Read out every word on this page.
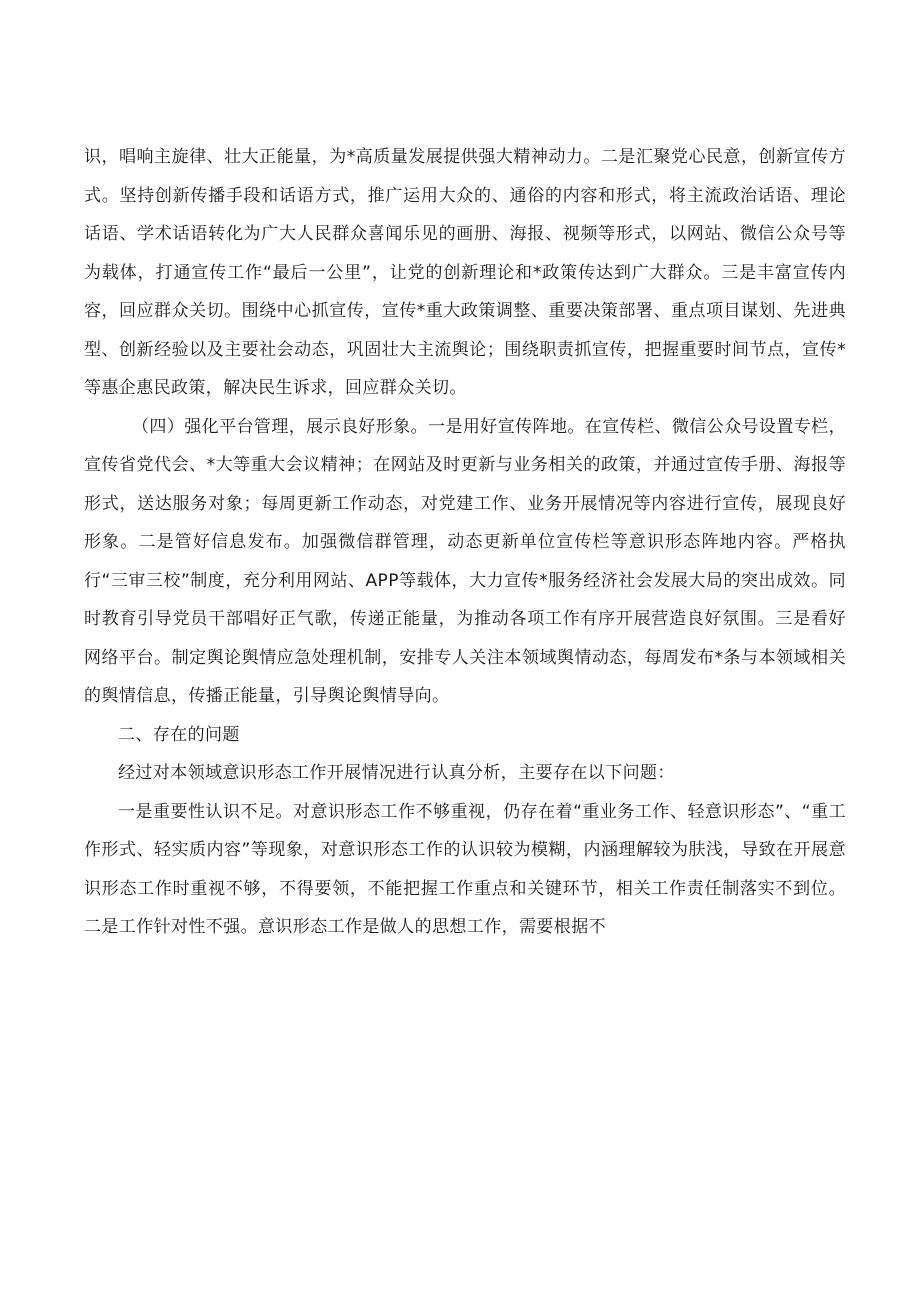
识，唱响主旋律、壮大正能量，为*高质量发展提供强大精神动力。二是汇聚党心民意，创新宣传方式。坚持创新传播手段和话语方式，推广运用大众的、通俗的内容和形式，将主流政治话语、理论话语、学术话语转化为广大人民群众喜闻乐见的画册、海报、视频等形式，以网站、微信公众号等为载体，打通宣传工作“最后一公里”，让党的创新理论和*政策传达到广大群众。三是丰富宣传内容，回应群众关切。围绕中心抓宣传，宣传*重大政策调整、重要决策部署、重点项目谋划、先进典型、创新经验以及主要社会动态，巩固壮大主流舆论；围绕职责抓宣传，把握重要时间节点，宣传*等惠企惠民政策，解决民生诉求，回应群众关切。

（四）强化平台管理，展示良好形象。一是用好宣传阵地。在宣传栏、微信公众号设置专栏，宣传省党代会、*大等重大会议精神；在网站及时更新与业务相关的政策，并通过宣传手册、海报等形式，送达服务对象；每周更新工作动态，对党建工作、业务开展情况等内容进行宣传，展现良好形象。二是管好信息发布。加强微信群管理，动态更新单位宣传栏等意识形态阵地内容。严格执行“三审三校”制度，充分利用网站、APP等载体，大力宣传*服务经济社会发展大局的突出成效。同时教育引导党员干部唱好正气歌，传递正能量，为推动各项工作有序开展营造良好氛围。三是看好网络平台。制定舆论舆情应急处理机制，安排专人关注本领域舆情动态，每周发布*条与本领域相关的舆情信息，传播正能量，引导舆论舆情导向。

二、存在的问题

经过对本领域意识形态工作开展情况进行认真分析，主要存在以下问题：

一是重要性认识不足。对意识形态工作不够重视，仍存在着“重业务工作、轻意识形态”、“重工作形式、轻实质内容”等现象，对意识形态工作的认识较为模糊，内涵理解较为肤浅，导致在开展意识形态工作时重视不够，不得要领，不能把握工作重点和关键环节，相关工作责任制落实不到位。二是工作针对性不强。意识形态工作是做人的思想工作，需要根据不
